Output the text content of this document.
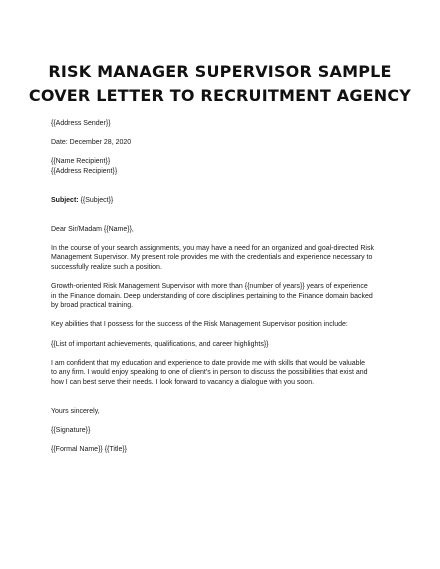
RISK MANAGER SUPERVISOR SAMPLE
COVER LETTER TO RECRUITMENT AGENCY

{{Address Sender}}

Date: December 28, 2020

{{Name Recipient}}

{{Address Recipient}}

Subject: {{Subject}}

Dear Sir/Madam {{Name}},

In the course of your search assignments, you may have a need for an organized and goal-directed Risk

Management Supervisor. My present role provides me with the credentials and experience necessary to

successfully realize such a position.

Growth-oriented Risk Management Supervisor with more than {{number of years}} years of experience

in the Finance domain. Deep understanding of core disciplines pertaining to the Finance domain backed

by broad practical training.

Key abilities that I possess for the success of the Risk Management Supervisor position include:

{{List of important achievements, qualifications, and career highlights}}

I am confident that my education and experience to date provide me with skills that would be valuable

to any firm. I would enjoy speaking to one of client's in person to discuss the possibilities that exist and

how I can best serve their needs. I look forward to vacancy a dialogue with you soon.

Yours sincerely,

{{Signature}}

{{Formal Name}} {{Title}}
